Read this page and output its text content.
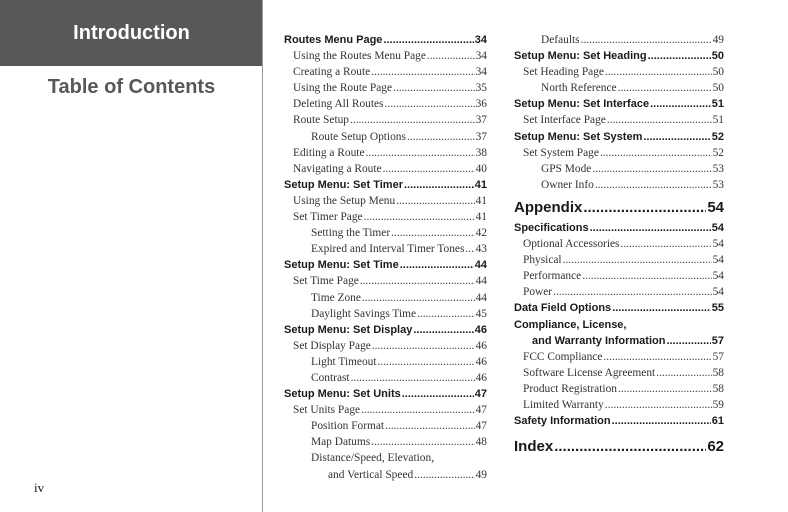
Introduction
Table of Contents
iv
Routes Menu Page .....	34
Using the Routes Menu Page .....	34
Creating a Route .....	34
Using the Route Page .....	35
Deleting All Routes .....	36
Route Setup .....	37
Route Setup Options .....	37
Editing a Route .....	38
Navigating a Route .....	40
Setup Menu: Set Timer .....	41
Using the Setup Menu .....	41
Set Timer Page .....	41
Setting the Timer .....	42
Expired and Interval Timer Tones ..... 43
Setup Menu: Set Time .....	44
Set Time Page .....	44
Time Zone .....	44
Daylight Savings Time .....	45
Setup Menu: Set Display .....	46
Set Display Page .....	46
Light Timeout .....	46
Contrast .....	46
Setup Menu: Set Units .....	47
Set Units Page .....	47
Position Format .....	47
Map Datums .....	48
Distance/Speed, Elevation,
and Vertical Speed .....	49
Defaults .....	49
Setup Menu: Set Heading .....	50
Set Heading Page .....	50
North Reference .....	50
Setup Menu: Set Interface .....	51
Set Interface Page .....	51
Setup Menu: Set System .....	52
Set System Page .....	52
GPS Mode .....	53
Owner Info .....	53
Appendix .....	54
Specifications .....	54
Optional Accessories .....	54
Physical .....	54
Performance .....	54
Power .....	54
Data Field Options .....	55
Compliance, License,
and Warranty Information .....	57
FCC Compliance .....	57
Software License Agreement .....	58
Product Registration .....	58
Limited Warranty .....	59
Safety Information .....	61
Index .....	62
